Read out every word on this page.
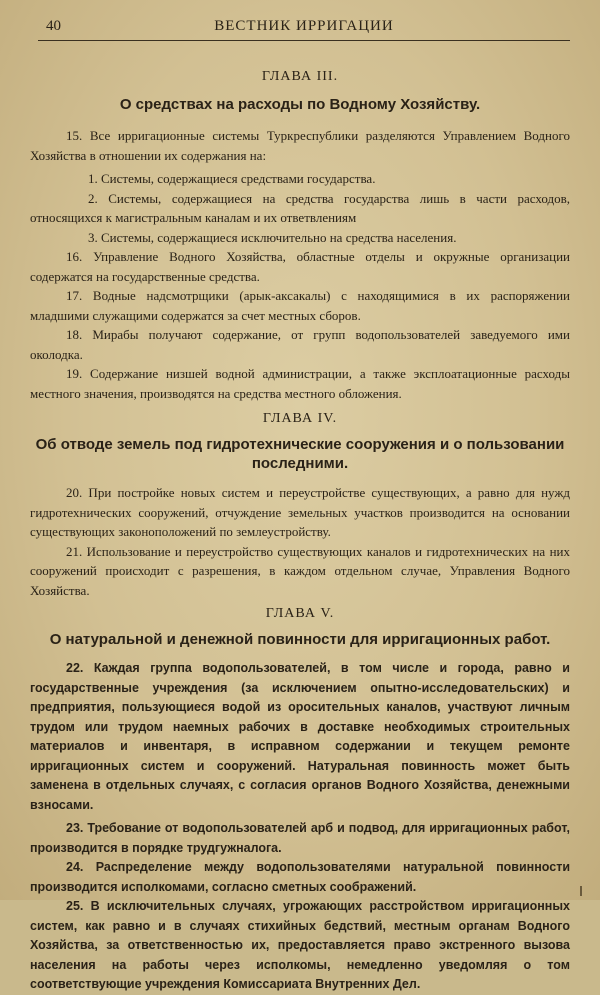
40	ВЕСТНИК ИРРИГАЦИИ

ГЛАВА III.

О средствах на расходы по Водному Хозяйству.

15. Все ирригационные системы Туркреспублики разделяются Управлением Водного Хозяйства в отношении их содержания на:

1. Системы, содержащиеся средствами государства.

2. Системы, содержащиеся на средства государства лишь в части расходов, относящихся к магистральным каналам и их ответвлениям

3. Системы, содержащиеся исключительно на средства населения.

16. Управление Водного Хозяйства, областные отделы и окружные организации содержатся на государственные средства.

17. Водные надсмотрщики (арык-аксакалы) с находящимися в их распоряжении младшими служащими содержатся за счет местных сборов.

18. Мирабы получают содержание, от групп водопользователей заведуемого ими околодка.

19. Содержание низшей водной администрации, а также эксплоатационные расходы местного значения, производятся на средства местного обложения.

ГЛАВА IV.

Об отводе земель под гидротехнические сооружения и о пользовании последними.

20. При постройке новых систем и переустройстве существующих, а равно для нужд гидротехнических сооружений, отчуждение земельных участков производится на основании существующих законоположений по землеустройству.

21. Использование и переустройство существующих каналов и гидротехнических на них сооружений происходит с разрешения, в каждом отдельном случае, Управления Водного Хозяйства.

ГЛАВА V.

О натуральной и денежной повинности для ирригационных работ.

22. Каждая группа водопользователей, в том числе и города, равно и государственные учреждения (за исключением опытно-исследовательских) и предприятия, пользующиеся водой из оросительных каналов, участвуют личным трудом или трудом наемных рабочих в доставке необходимых строительных материалов и инвентаря, в исправном содержании и текущем ремонте ирригационных систем и сооружений. Натуральная повинность может быть заменена в отдельных случаях, с согласия органов Водного Хозяйства, денежными взносами.

23. Требование от водопользователей арб и подвод, для ирригационных работ, производится в порядке трудгужналога.

24. Распределение между водопользователями натуральной повинности производится исполкомами, согласно сметных соображений.

25. В исключительных случаях, угрожающих расстройством ирригационных систем, как равно и в случаях стихийных бедствий, местным органам Водного Хозяйства, за ответственностью их, предоставляется право экстренного вызова населения на работы через исполкомы, немедленно уведомляя о том соответствующие учреждения Комиссариата Внутренних Дел.
